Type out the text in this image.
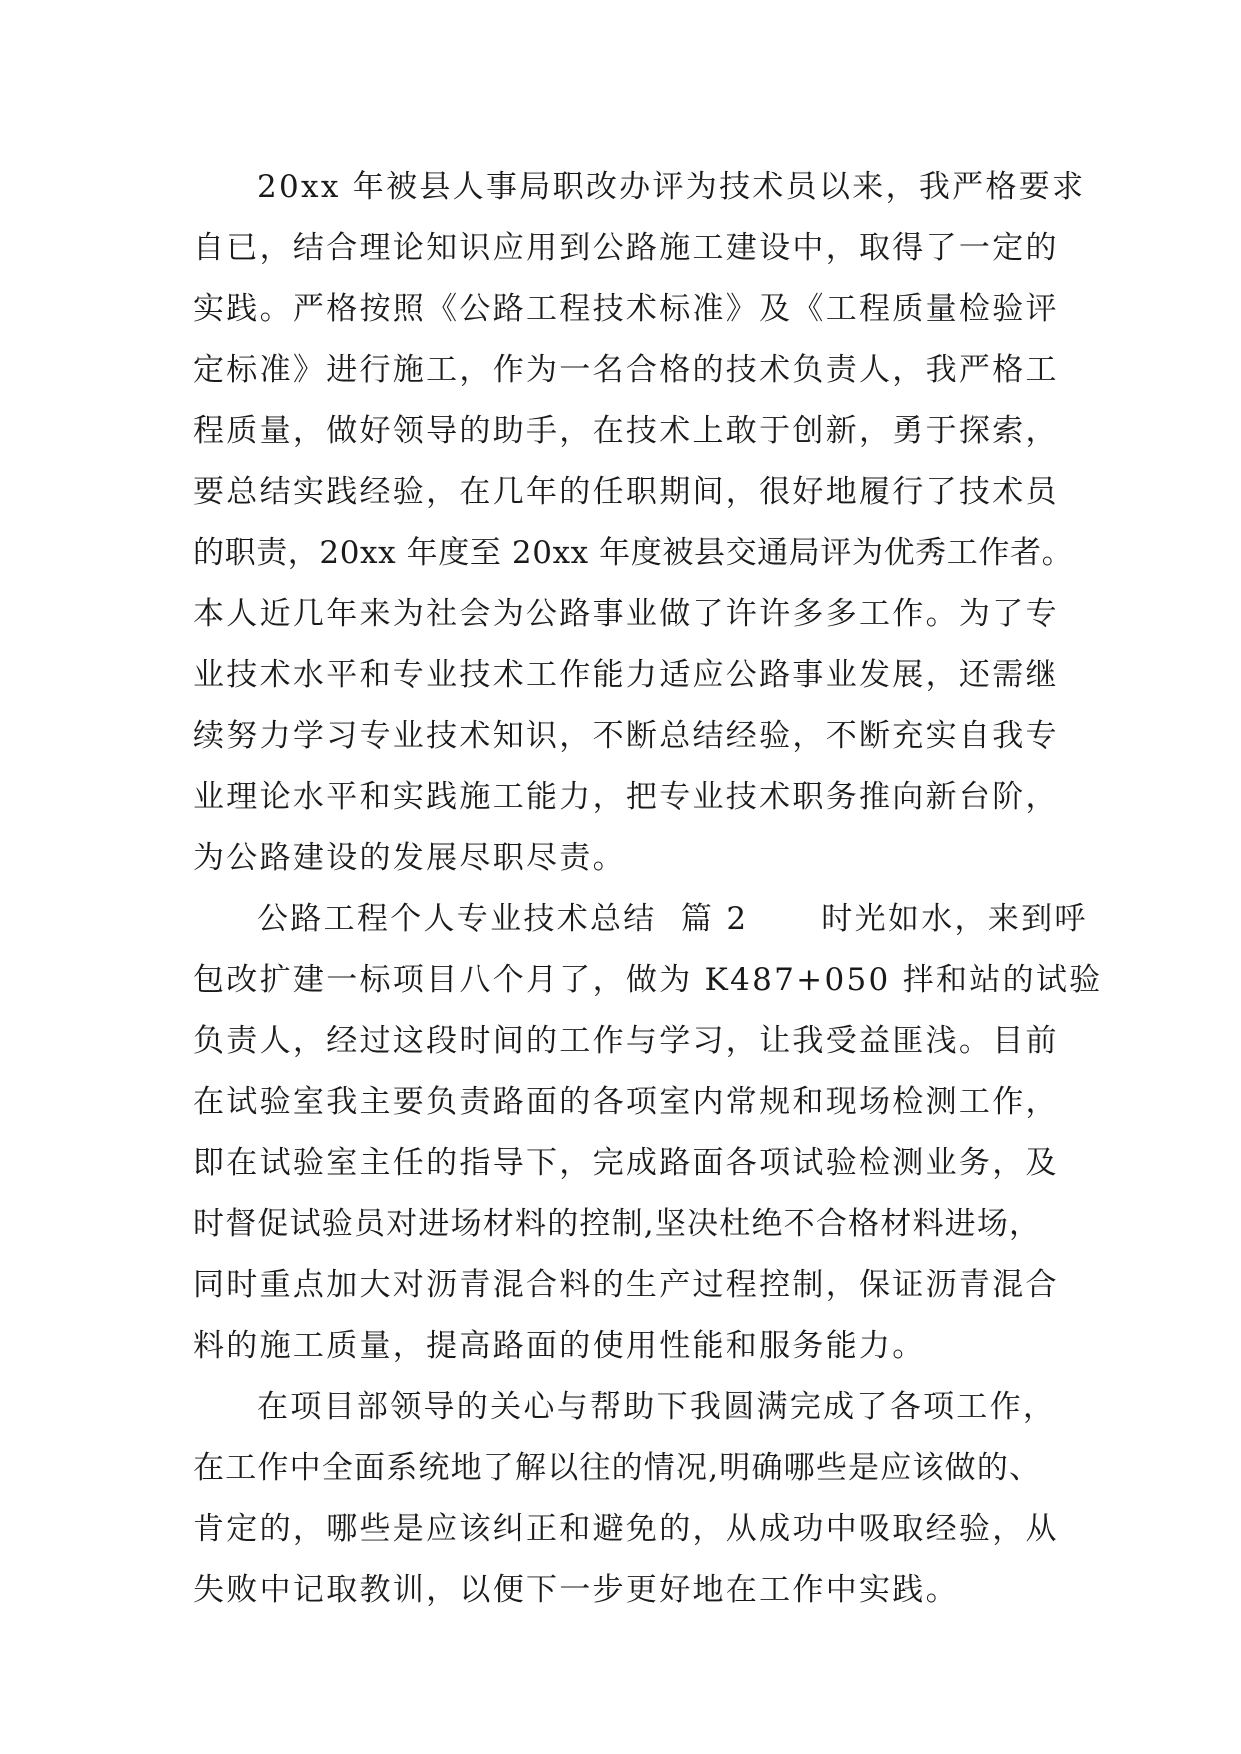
20xx 年被县人事局职改办评为技术员以来，我严格要求
自已，结合理论知识应用到公路施工建设中，取得了一定的
实践。严格按照《公路工程技术标准》及《工程质量检验评
定标准》进行施工，作为一名合格的技术负责人，我严格工
程质量，做好领导的助手，在技术上敢于创新，勇于探索，
要总结实践经验，在几年的任职期间，很好地履行了技术员
的职责，20xx 年度至 20xx 年度被县交通局评为优秀工作者。
本人近几年来为社会为公路事业做了许许多多工作。为了专
业技术水平和专业技术工作能力适应公路事业发展，还需继
续努力学习专业技术知识，不断总结经验，不断充实自我专
业理论水平和实践施工能力，把专业技术职务推向新台阶，
为公路建设的发展尽职尽责。
公路工程个人专业技术总结  篇 2      时光如水，来到呼
包改扩建一标项目八个月了，做为 K487+050 拌和站的试验
负责人，经过这段时间的工作与学习，让我受益匪浅。目前
在试验室我主要负责路面的各项室内常规和现场检测工作，
即在试验室主任的指导下，完成路面各项试验检测业务，及
时督促试验员对进场材料的控制,坚决杜绝不合格材料进场，
同时重点加大对沥青混合料的生产过程控制，保证沥青混合
料的施工质量，提高路面的使用性能和服务能力。
在项目部领导的关心与帮助下我圆满完成了各项工作，
在工作中全面系统地了解以往的情况,明确哪些是应该做的、
肯定的，哪些是应该纠正和避免的，从成功中吸取经验，从
失败中记取教训，以便下一步更好地在工作中实践。
